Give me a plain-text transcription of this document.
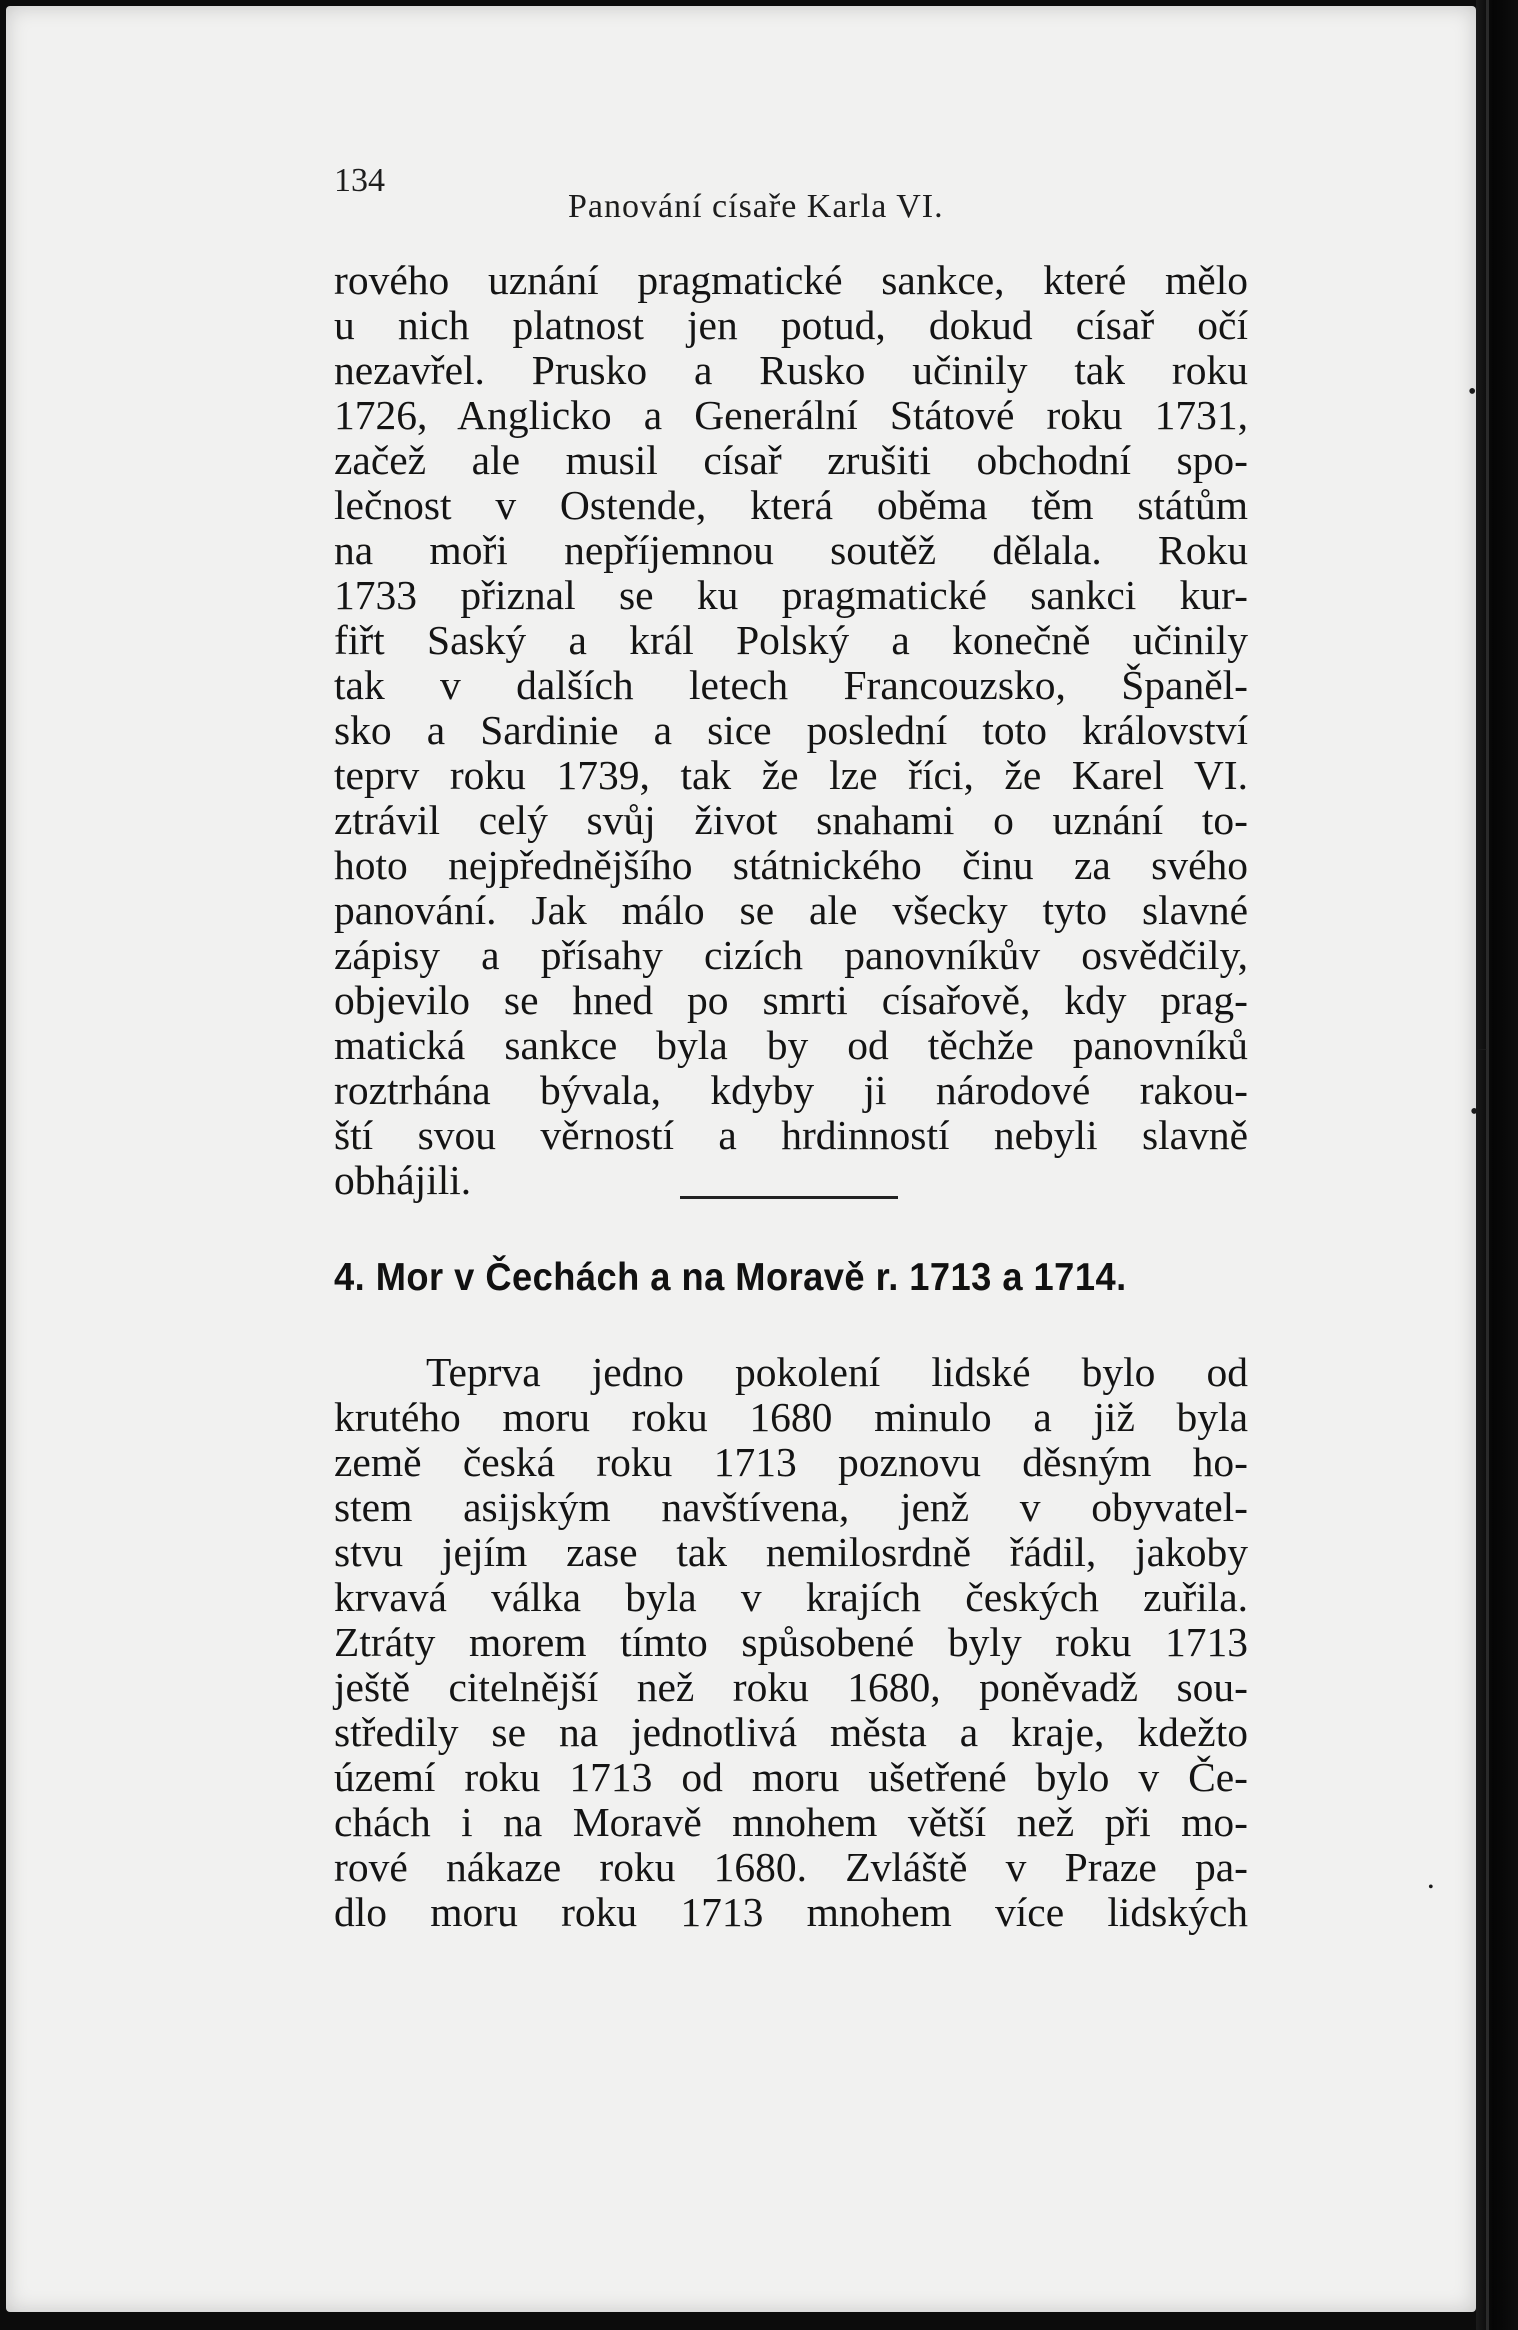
•
⌐
•
•
134
Panování císaře Karla VI.
rového uznání pragmatické sankce, které mělo
u nich platnost jen potud, dokud císař očí
nezavřel. Prusko a Rusko učinily tak roku
1726, Anglicko a Generální Státové roku 1731,
začež ale musil císař zrušiti obchodní spo-
lečnost v Ostende, která oběma těm státům
na moři nepříjemnou soutěž dělala. Roku
1733 přiznal se ku pragmatické sankci kur-
fiřt Saský a král Polský a konečně učinily
tak v dalších letech Francouzsko, Španěl-
sko a Sardinie a sice poslední toto království
teprv roku 1739, tak že lze říci, že Karel VI.
ztrávil celý svůj život snahami o uznání to-
hoto nejpřednějšího státnického činu za svého
panování. Jak málo se ale všecky tyto slavné
zápisy a přísahy cizích panovníkův osvědčily,
objevilo se hned po smrti císařově, kdy prag-
matická sankce byla by od těchže panovníků
roztrhána bývala, kdyby ji národové rakou-
ští svou věrností a hrdinností nebyli slavně
obhájili.
4. Mor v Čechách a na Moravě r. 1713 a 1714.
Teprva jedno pokolení lidské bylo od
krutého moru roku 1680 minulo a již byla
země česká roku 1713 poznovu děsným ho-
stem asijským navštívena, jenž v obyvatel-
stvu jejím zase tak nemilosrdně řádil, jakoby
krvavá válka byla v krajích českých zuřila.
Ztráty morem tímto spůsobené byly roku 1713
ještě citelnější než roku 1680, poněvadž sou-
středily se na jednotlivá města a kraje, kdežto
území roku 1713 od moru ušetřené bylo v Če-
chách i na Moravě mnohem větší než při mo-
rové nákaze roku 1680. Zvláště v Praze pa-
dlo moru roku 1713 mnohem více lidských
